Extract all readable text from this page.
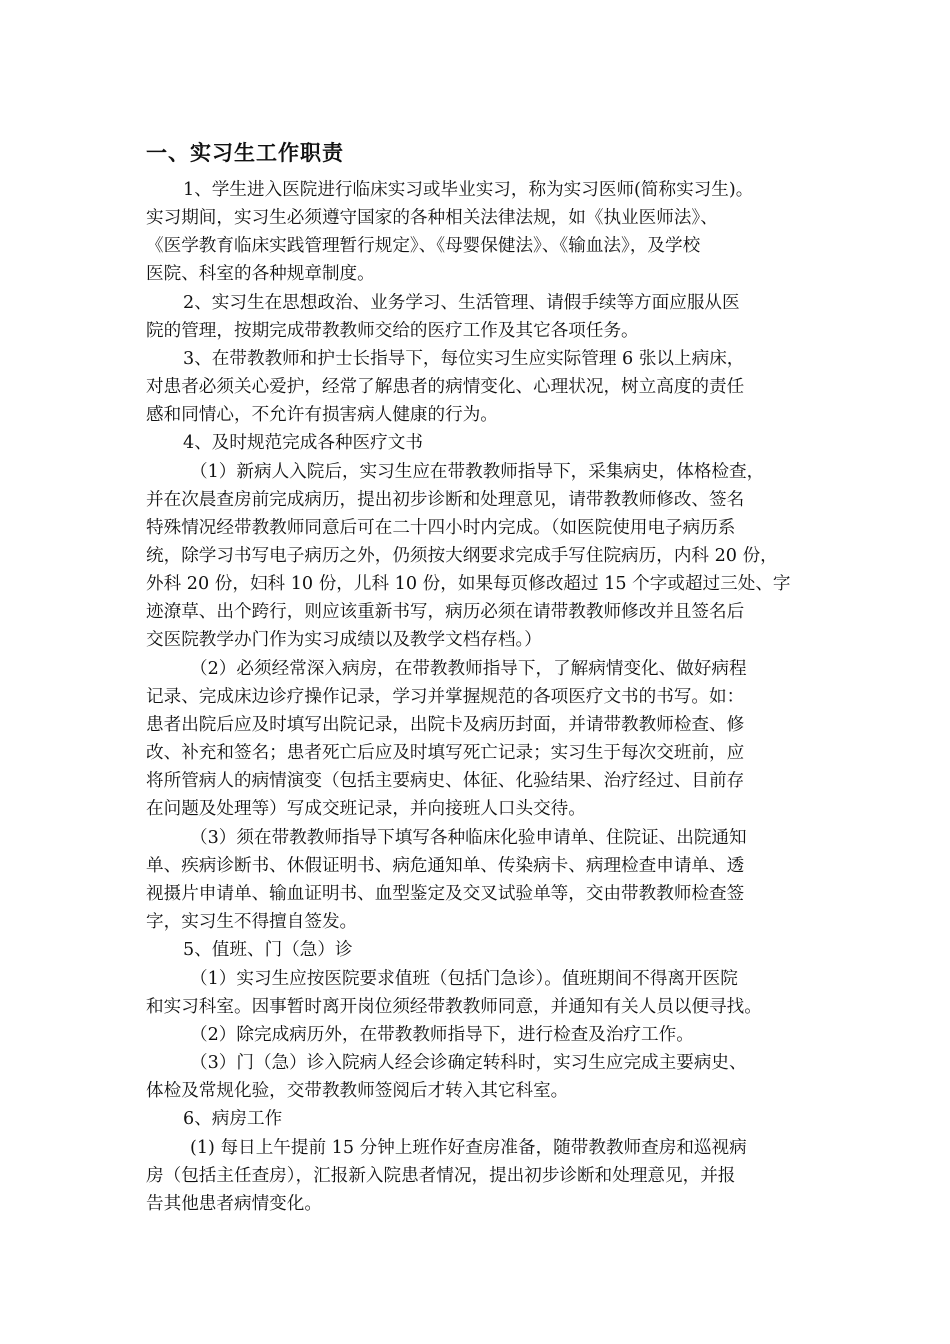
一、实习生工作职责
1、学生进入医院进行临床实习或毕业实习，称为实习医师(简称实习生)。
实习期间，实习生必须遵守国家的各种相关法律法规，如《执业医师法》、
《医学教育临床实践管理暂行规定》、《母婴保健法》、《输血法》，及学校
医院、科室的各种规章制度。
2、实习生在思想政治、业务学习、生活管理、请假手续等方面应服从医
院的管理，按期完成带教教师交给的医疗工作及其它各项任务。
3、在带教教师和护士长指导下，每位实习生应实际管理 6 张以上病床，
对患者必须关心爱护，经常了解患者的病情变化、心理状况，树立高度的责任
感和同情心，不允许有损害病人健康的行为。
4、及时规范完成各种医疗文书
（1）新病人入院后，实习生应在带教教师指导下，采集病史，体格检查，
并在次晨查房前完成病历，提出初步诊断和处理意见，请带教教师修改、签名
特殊情况经带教教师同意后可在二十四小时内完成。（如医院使用电子病历系
统，除学习书写电子病历之外，仍须按大纲要求完成手写住院病历，内科 20 份，
外科 20 份，妇科 10 份，儿科 10 份，如果每页修改超过 15 个字或超过三处、字
迹潦草、出个跨行，则应该重新书写，病历必须在请带教教师修改并且签名后
交医院教学办门作为实习成绩以及教学文档存档。）
（2）必须经常深入病房，在带教教师指导下，了解病情变化、做好病程
记录、完成床边诊疗操作记录，学习并掌握规范的各项医疗文书的书写。如：
患者出院后应及时填写出院记录，出院卡及病历封面，并请带教教师检查、修
改、补充和签名；患者死亡后应及时填写死亡记录；实习生于每次交班前，应
将所管病人的病情演变（包括主要病史、体征、化验结果、治疗经过、目前存
在问题及处理等）写成交班记录，并向接班人口头交待。
（3）须在带教教师指导下填写各种临床化验申请单、住院证、出院通知
单、疾病诊断书、休假证明书、病危通知单、传染病卡、病理检查申请单、透
视摄片申请单、输血证明书、血型鉴定及交叉试验单等，交由带教教师检查签
字，实习生不得擅自签发。
5、值班、门（急）诊
（1）实习生应按医院要求值班（包括门急诊）。值班期间不得离开医院
和实习科室。因事暂时离开岗位须经带教教师同意，并通知有关人员以便寻找。
（2）除完成病历外，在带教教师指导下，进行检查及治疗工作。
（3）门（急）诊入院病人经会诊确定转科时，实习生应完成主要病史、
体检及常规化验，交带教教师签阅后才转入其它科室。
6、病房工作
(1) 每日上午提前 15 分钟上班作好查房准备，随带教教师查房和巡视病
房（包括主任查房），汇报新入院患者情况，提出初步诊断和处理意见，并报
告其他患者病情变化。
